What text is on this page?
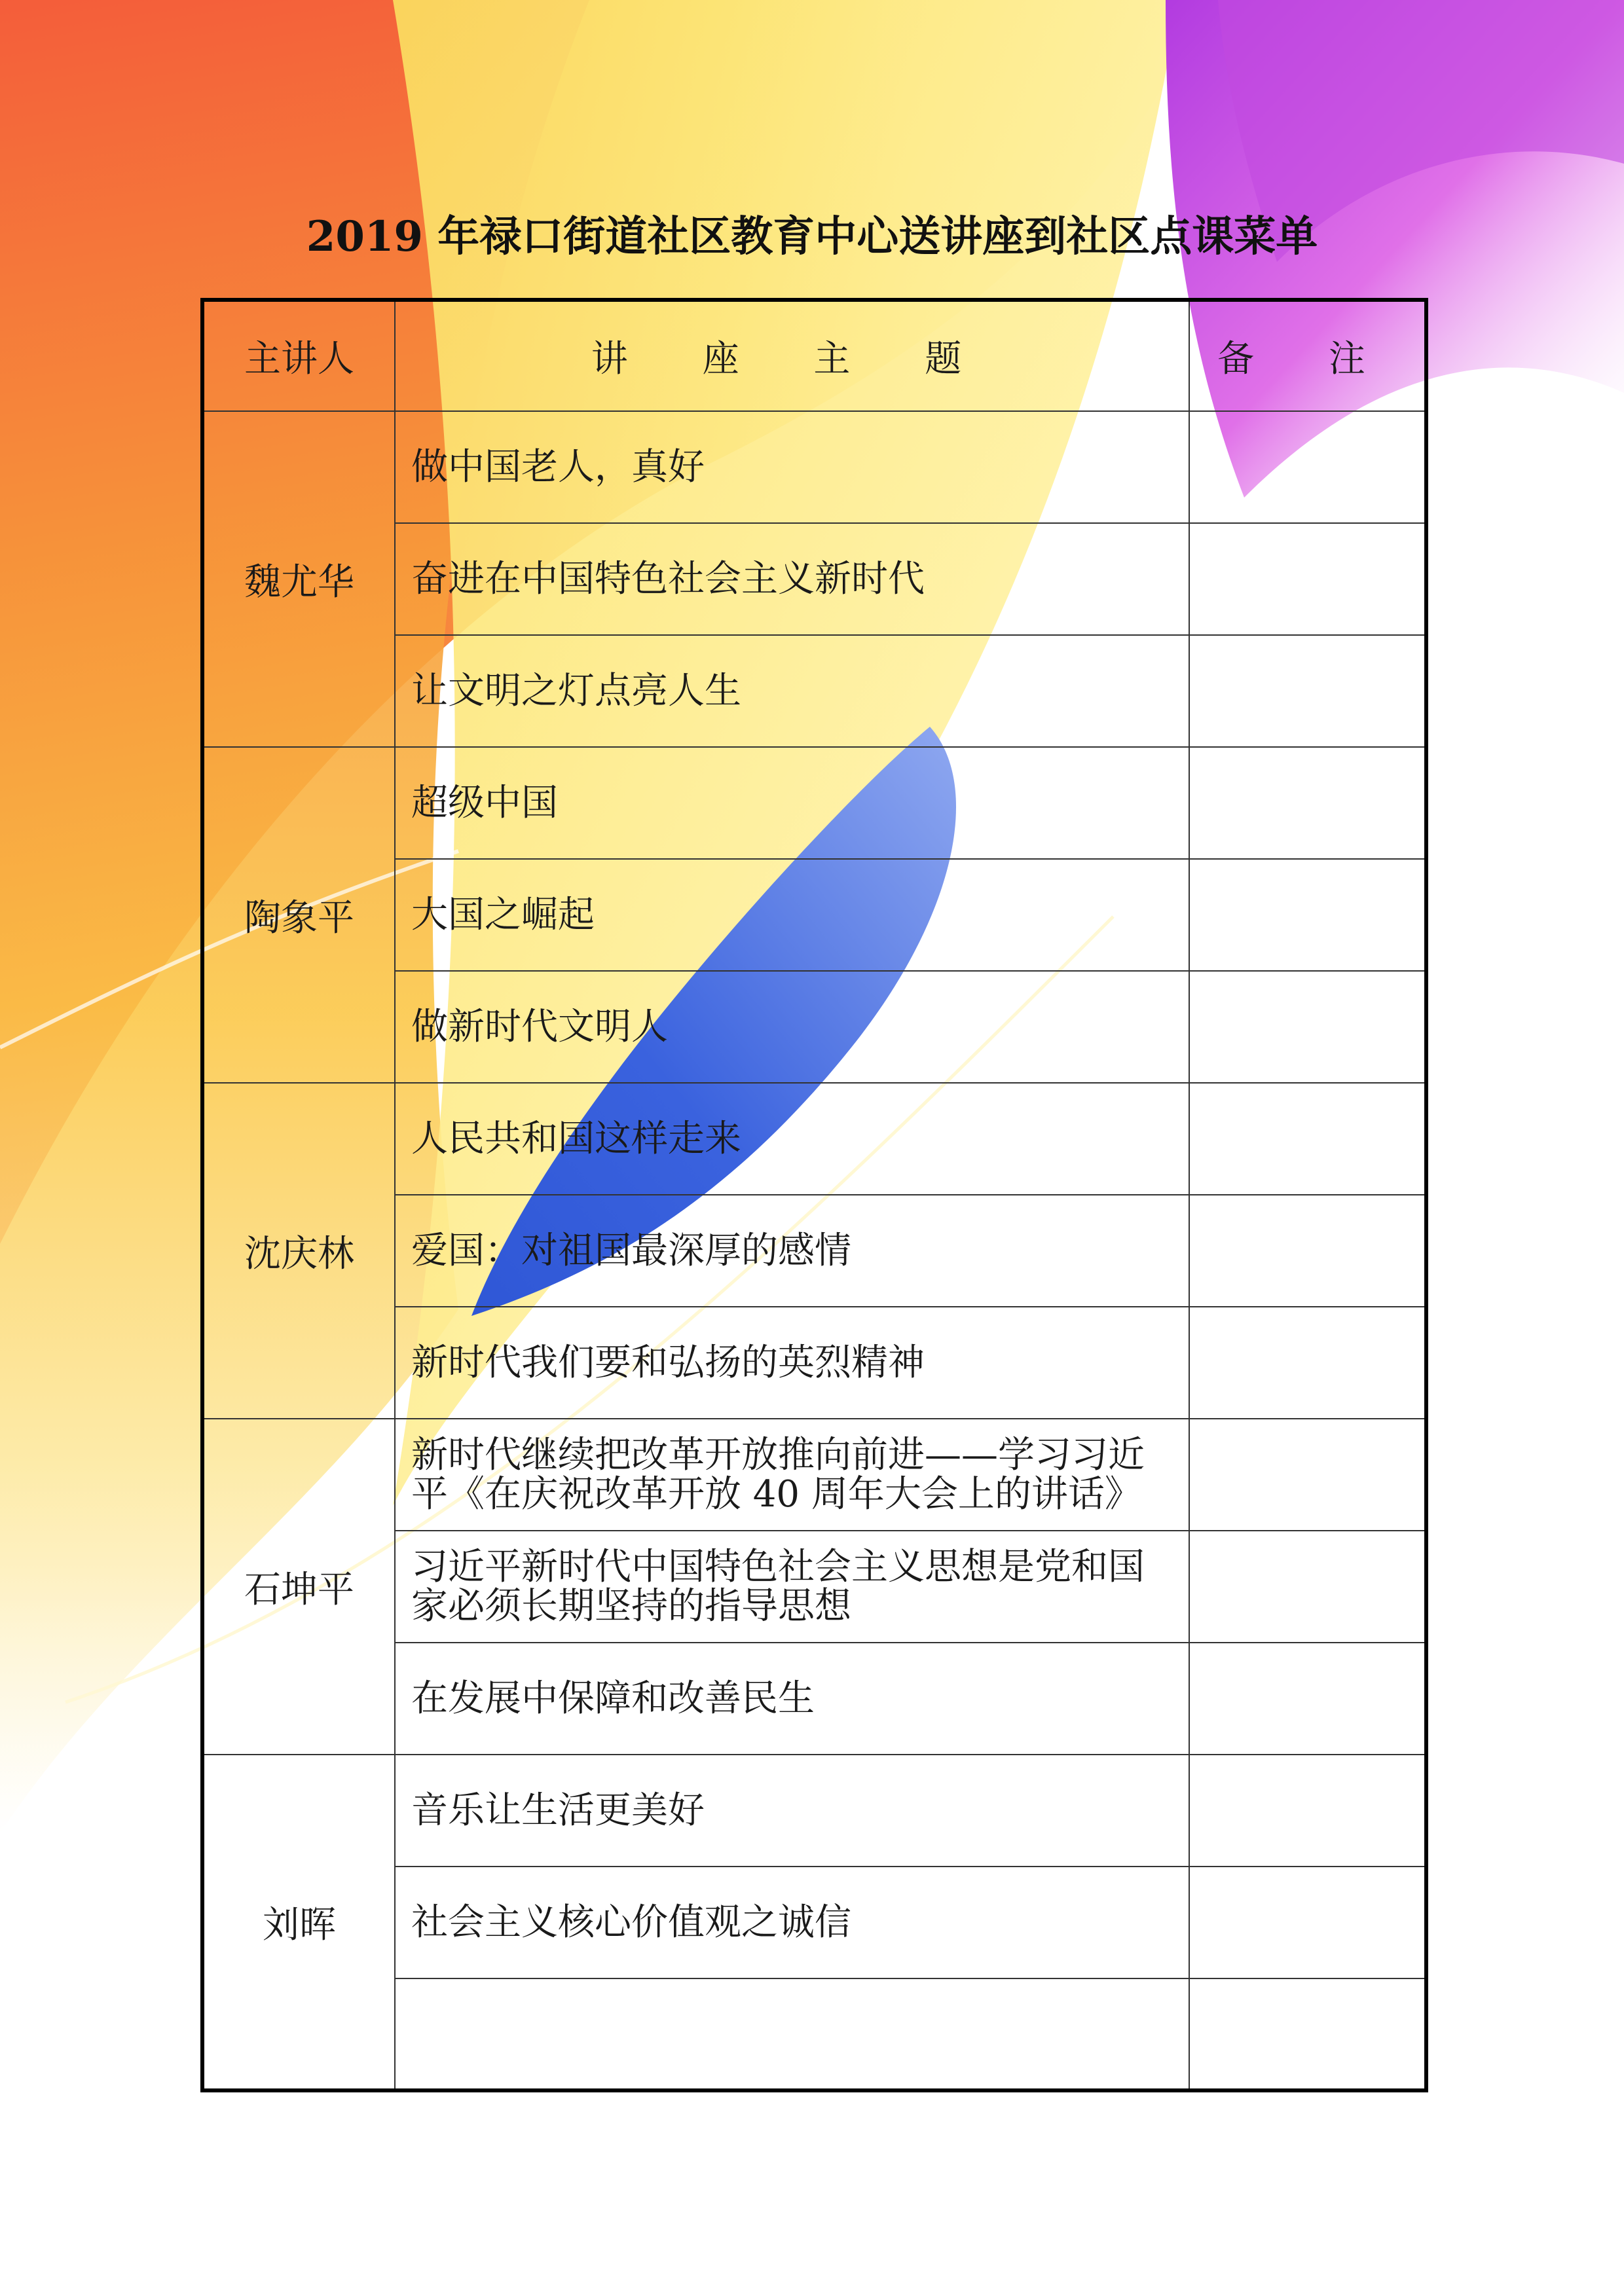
2019 年禄口街道社区教育中心送讲座到社区点课菜单
主讲人	讲 座 主 题	备 注
魏尤华	做中国老人，真好	
	奋进在中国特色社会主义新时代	
	让文明之灯点亮人生	
陶象平	超级中国	
	大国之崛起	
	做新时代文明人	
沈庆林	人民共和国这样走来	
	爱国：对祖国最深厚的感情	
	新时代我们要和弘扬的英烈精神	
石坤平	新时代继续把改革开放推向前进——学习习近平《在庆祝改革开放 40 周年大会上的讲话》	
	习近平新时代中国特色社会主义思想是党和国家必须长期坚持的指导思想	
	在发展中保障和改善民生	
刘晖	音乐让生活更美好	
	社会主义核心价值观之诚信	
